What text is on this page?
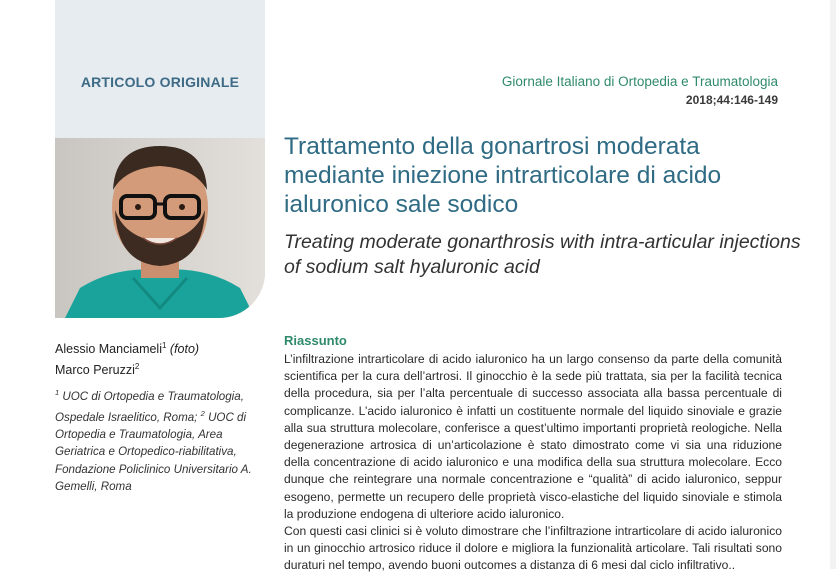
ARTICOLO ORIGINALE	Giornale Italiano di Ortopedia e Traumatologia
2018;44:146-149
Trattamento della gonartrosi moderata mediante iniezione intrarticolare di acido ialuronico sale sodico
Treating moderate gonarthrosis with intra-articular injections of sodium salt hyaluronic acid
Alessio Manciameli$^1$ (foto)
Marco Peruzzi$^2$
$^1$ UOC di Ortopedia e Traumatologia, Ospedale Israelitico, Roma; $^2$ UOC di Ortopedia e Traumatologia, Area Geriatrica e Ortopedico-riabilitativa, Fondazione Policlinico Universitario A. Gemelli, Roma
Riassunto

L’infiltrazione intrarticolare di acido ialuronico ha un largo consenso da parte della comunità scientifica per la cura dell’artrosi. Il ginocchio è la sede più trattata, sia per la facilità tecnica della procedura, sia per l’alta percentuale di successo associata alla bassa percentuale di complicanze. L’acido ialuronico è infatti un costituente normale del liquido sinoviale e grazie alla sua struttura molecolare, conferisce a quest’ultimo importanti proprietà reologiche. Nella degenerazione artrosica di un’articolazione è stato dimostrato come vi sia una riduzione della concentrazione di acido ialuronico e una modifica della sua struttura molecolare. Ecco dunque che reintegrare una normale concentrazione e “qualità” di acido ialuronico, seppur esogeno, permette un recupero delle proprietà visco-elastiche del liquido sinoviale e stimola la produzione endogena di ulteriore acido ialuronico.

Con questi casi clinici si è voluto dimostrare che l’infiltrazione intrarticolare di acido ialuronico in un ginocchio artrosico riduce il dolore e migliora la funzionalità articolare. Tali risultati sono duraturi nel tempo, avendo buoni outcomes a distanza di 6 mesi dal ciclo infiltrativo..
